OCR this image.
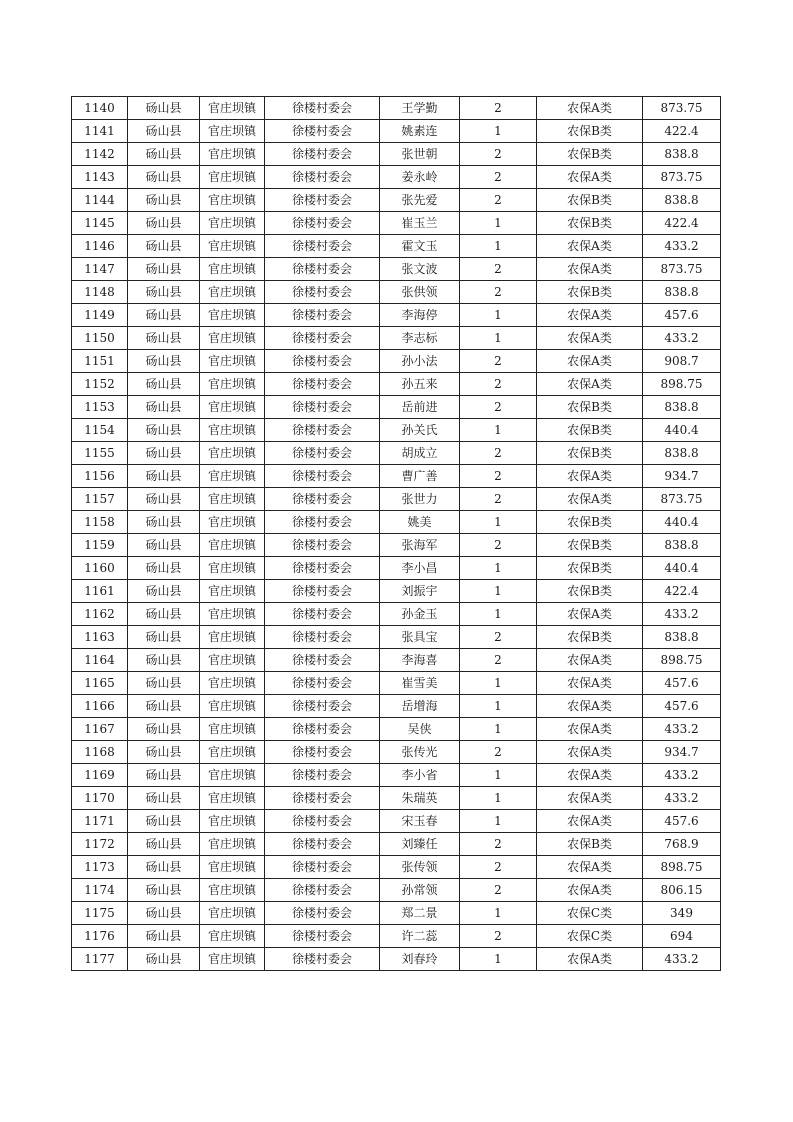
1140	砀山县	官庄坝镇	徐楼村委会	王学勤	2	农保A类	873.75
1141	砀山县	官庄坝镇	徐楼村委会	姚素连	1	农保B类	422.4
1142	砀山县	官庄坝镇	徐楼村委会	张世朝	2	农保B类	838.8
1143	砀山县	官庄坝镇	徐楼村委会	姜永岭	2	农保A类	873.75
1144	砀山县	官庄坝镇	徐楼村委会	张先爱	2	农保B类	838.8
1145	砀山县	官庄坝镇	徐楼村委会	崔玉兰	1	农保B类	422.4
1146	砀山县	官庄坝镇	徐楼村委会	霍文玉	1	农保A类	433.2
1147	砀山县	官庄坝镇	徐楼村委会	张文波	2	农保A类	873.75
1148	砀山县	官庄坝镇	徐楼村委会	张供领	2	农保B类	838.8
1149	砀山县	官庄坝镇	徐楼村委会	李海停	1	农保A类	457.6
1150	砀山县	官庄坝镇	徐楼村委会	李志标	1	农保A类	433.2
1151	砀山县	官庄坝镇	徐楼村委会	孙小法	2	农保A类	908.7
1152	砀山县	官庄坝镇	徐楼村委会	孙五来	2	农保A类	898.75
1153	砀山县	官庄坝镇	徐楼村委会	岳前进	2	农保B类	838.8
1154	砀山县	官庄坝镇	徐楼村委会	孙关氏	1	农保B类	440.4
1155	砀山县	官庄坝镇	徐楼村委会	胡成立	2	农保B类	838.8
1156	砀山县	官庄坝镇	徐楼村委会	曹广善	2	农保A类	934.7
1157	砀山县	官庄坝镇	徐楼村委会	张世力	2	农保A类	873.75
1158	砀山县	官庄坝镇	徐楼村委会	姚美	1	农保B类	440.4
1159	砀山县	官庄坝镇	徐楼村委会	张海军	2	农保B类	838.8
1160	砀山县	官庄坝镇	徐楼村委会	李小昌	1	农保B类	440.4
1161	砀山县	官庄坝镇	徐楼村委会	刘振宇	1	农保B类	422.4
1162	砀山县	官庄坝镇	徐楼村委会	孙金玉	1	农保A类	433.2
1163	砀山县	官庄坝镇	徐楼村委会	张具宝	2	农保B类	838.8
1164	砀山县	官庄坝镇	徐楼村委会	李海喜	2	农保A类	898.75
1165	砀山县	官庄坝镇	徐楼村委会	崔雪美	1	农保A类	457.6
1166	砀山县	官庄坝镇	徐楼村委会	岳增海	1	农保A类	457.6
1167	砀山县	官庄坝镇	徐楼村委会	吴侠	1	农保A类	433.2
1168	砀山县	官庄坝镇	徐楼村委会	张传光	2	农保A类	934.7
1169	砀山县	官庄坝镇	徐楼村委会	李小省	1	农保A类	433.2
1170	砀山县	官庄坝镇	徐楼村委会	朱瑞英	1	农保A类	433.2
1171	砀山县	官庄坝镇	徐楼村委会	宋玉春	1	农保A类	457.6
1172	砀山县	官庄坝镇	徐楼村委会	刘臻任	2	农保B类	768.9
1173	砀山县	官庄坝镇	徐楼村委会	张传领	2	农保A类	898.75
1174	砀山县	官庄坝镇	徐楼村委会	孙常领	2	农保A类	806.15
1175	砀山县	官庄坝镇	徐楼村委会	郑二景	1	农保C类	349
1176	砀山县	官庄坝镇	徐楼村委会	许二蕊	2	农保C类	694
1177	砀山县	官庄坝镇	徐楼村委会	刘春玲	1	农保A类	433.2
